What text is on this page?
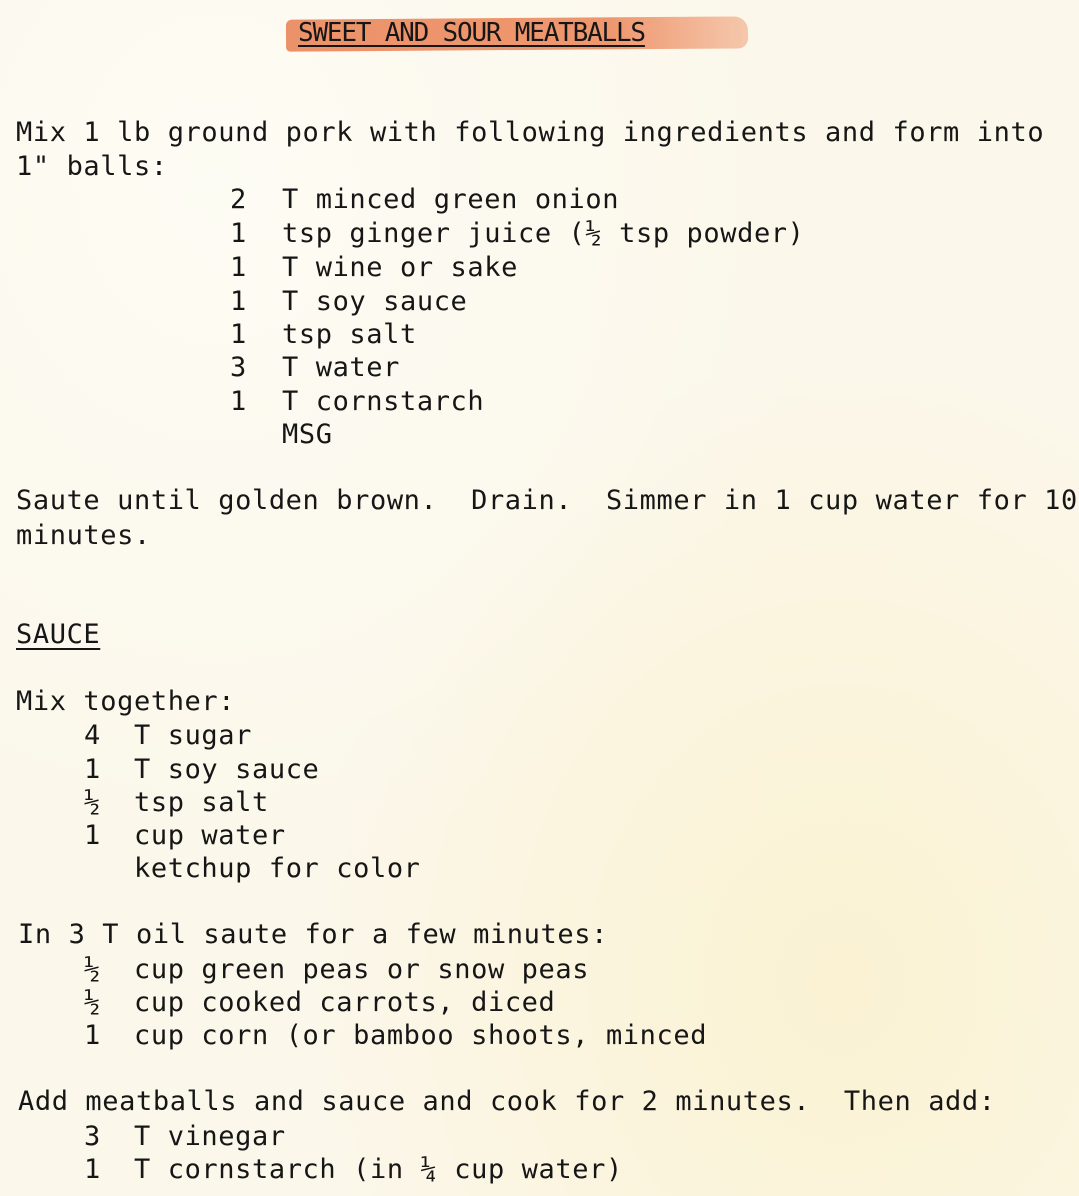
SWEET AND SOUR MEATBALLS
Mix 1 lb ground pork with following ingredients and form into
1" balls:
2 T minced green onion
1 tsp ginger juice (½ tsp powder)
1 T wine or sake
1 T soy sauce
1 tsp salt
3 T water
1 T cornstarch
MSG
Saute until golden brown.  Drain.  Simmer in 1 cup water for 10
minutes.
SAUCE
Mix together:
4 T sugar
1 T soy sauce
½ tsp salt
1 cup water
ketchup for color
In 3 T oil saute for a few minutes:
½ cup green peas or snow peas
½ cup cooked carrots, diced
1 cup corn (or bamboo shoots, minced
Add meatballs and sauce and cook for 2 minutes.  Then add:
3 T vinegar
1 T cornstarch (in ¼ cup water)
